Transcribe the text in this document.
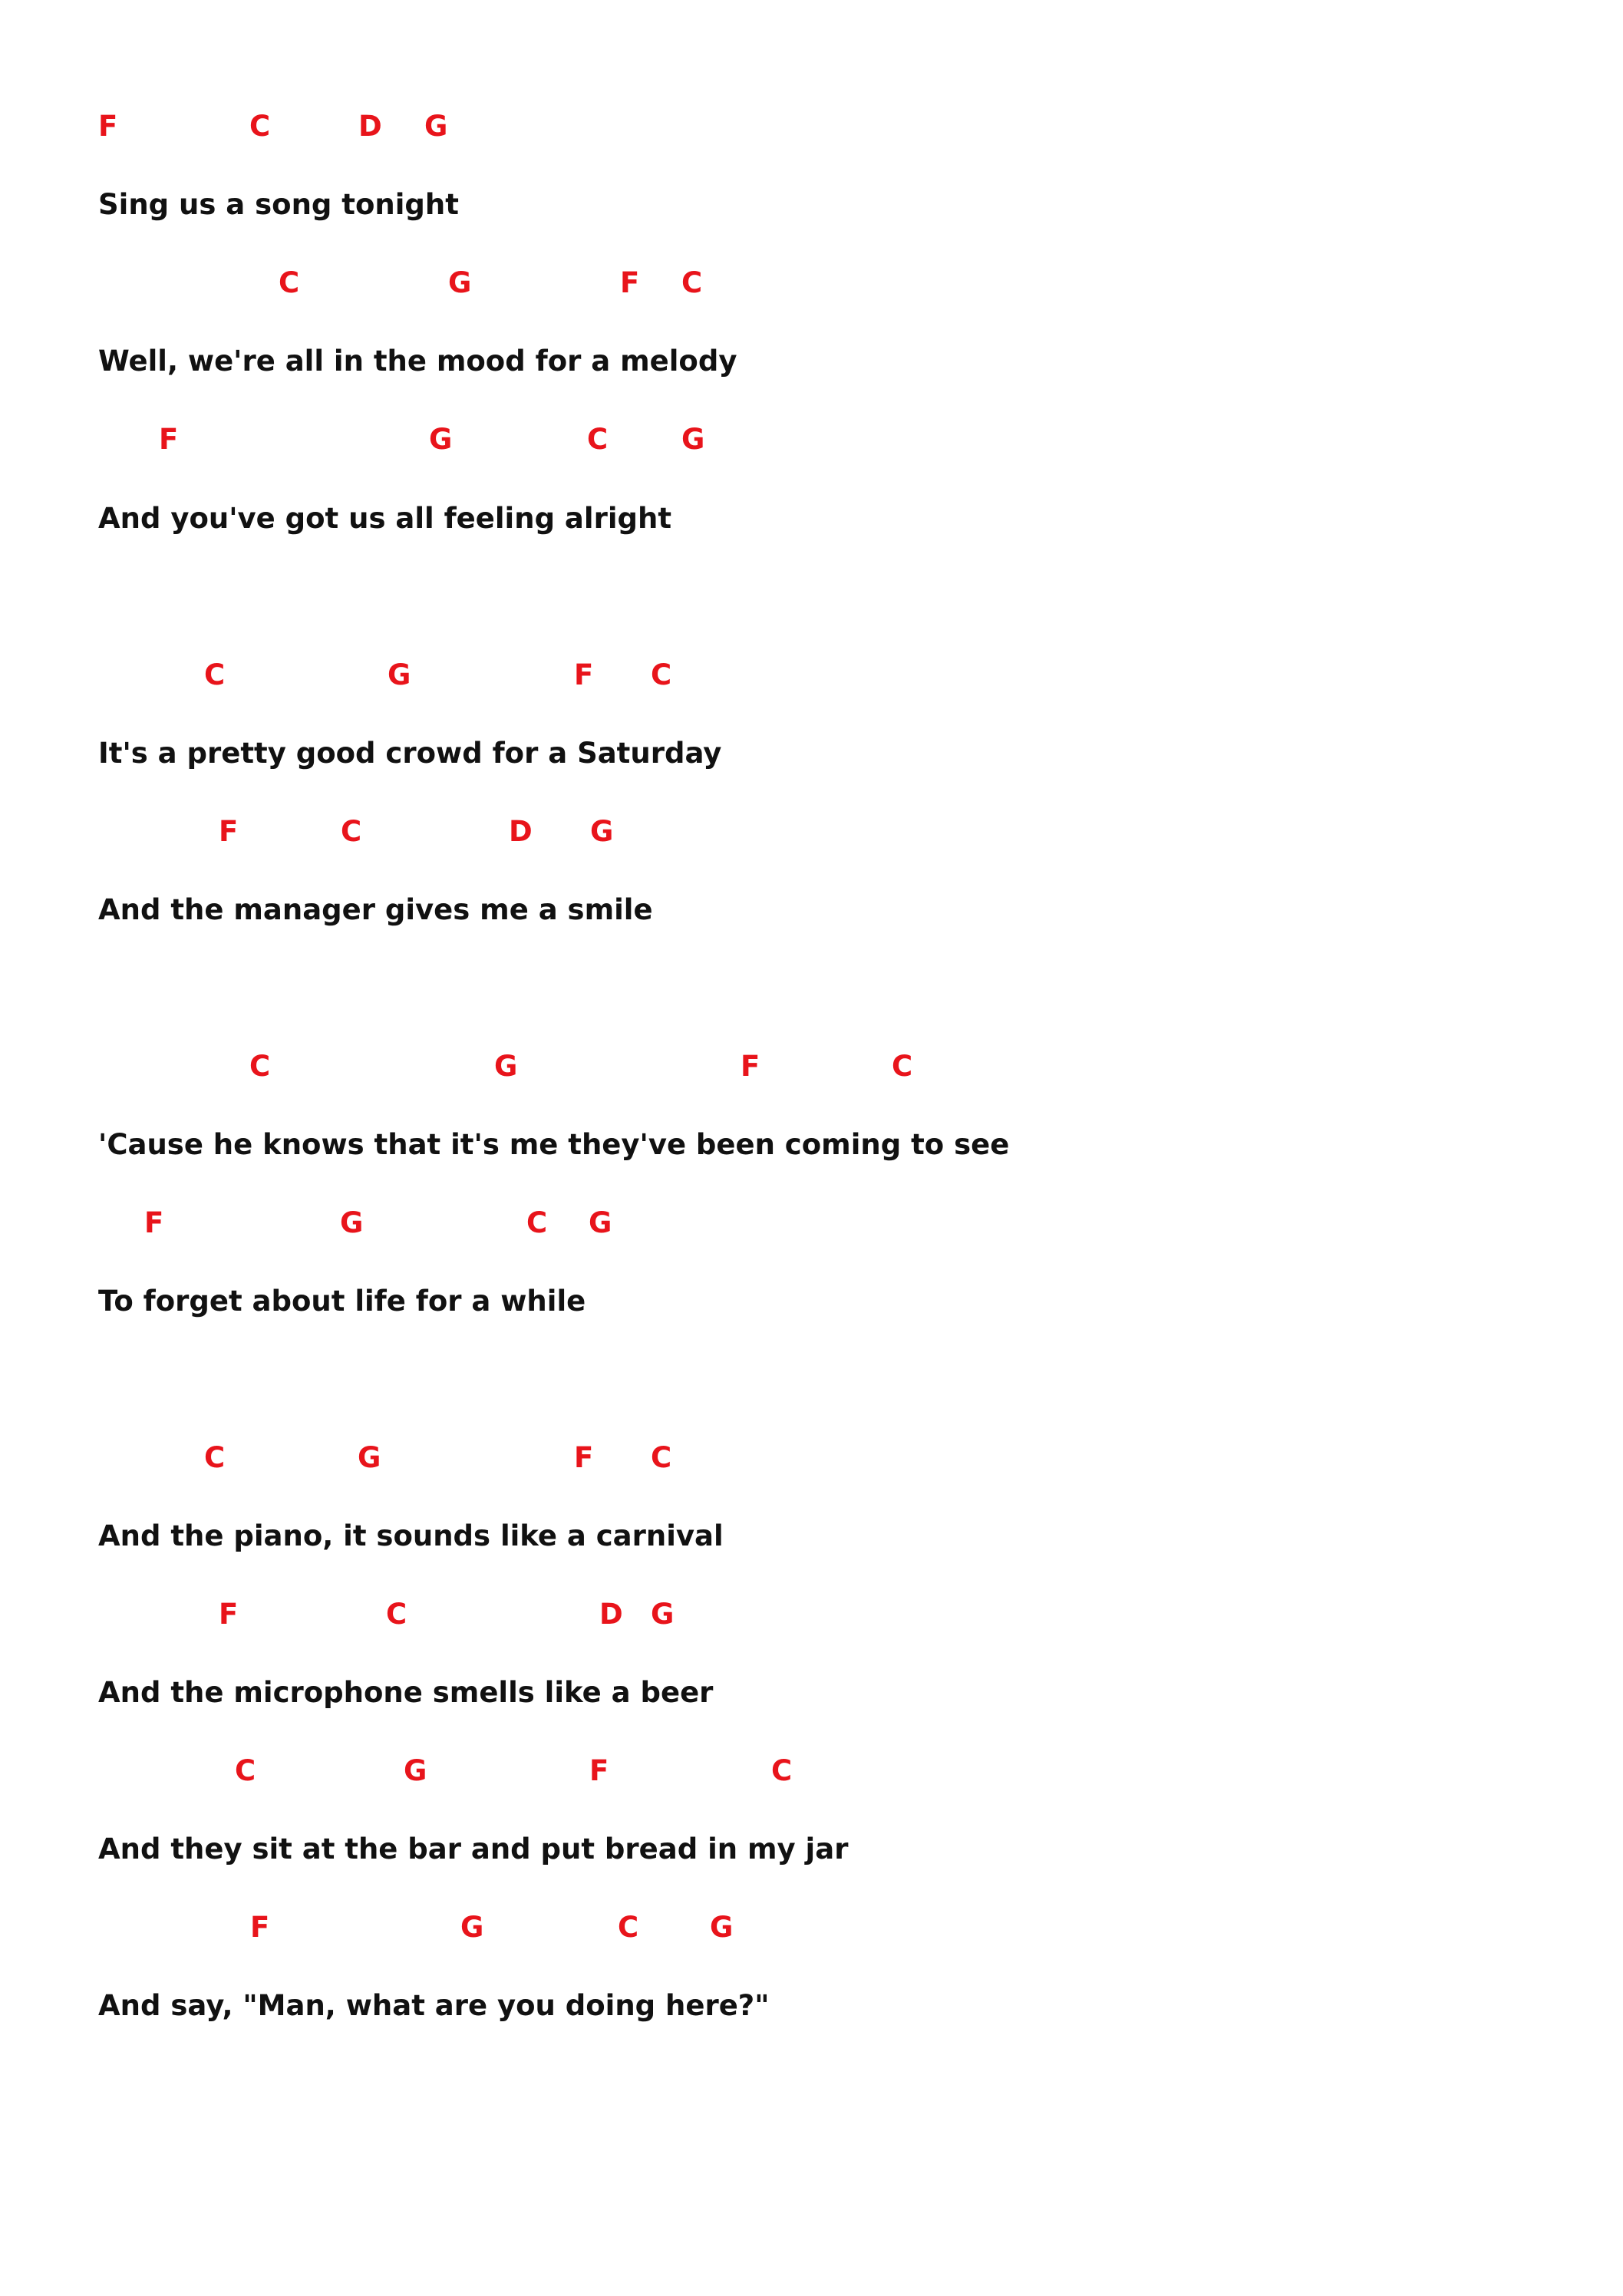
F	C	D G
Sing us a song tonight
C	G	F C
Well, we're all in the mood for a melody
F	G	C	G
And you've got us all feeling alright
C	G	F C
It's a pretty good crowd for a Saturday
F	C	D G
And the manager gives me a smile
C	G	F	C
'Cause he knows that it's me they've been coming to see
F	G	C G
To forget about life for a while
C	G	F C
And the piano, it sounds like a carnival
F	C	D G
And the microphone smells like a beer
C	G	F	C
And they sit at the bar and put bread in my jar
F	G	C	G
And say, "Man, what are you doing here?"
